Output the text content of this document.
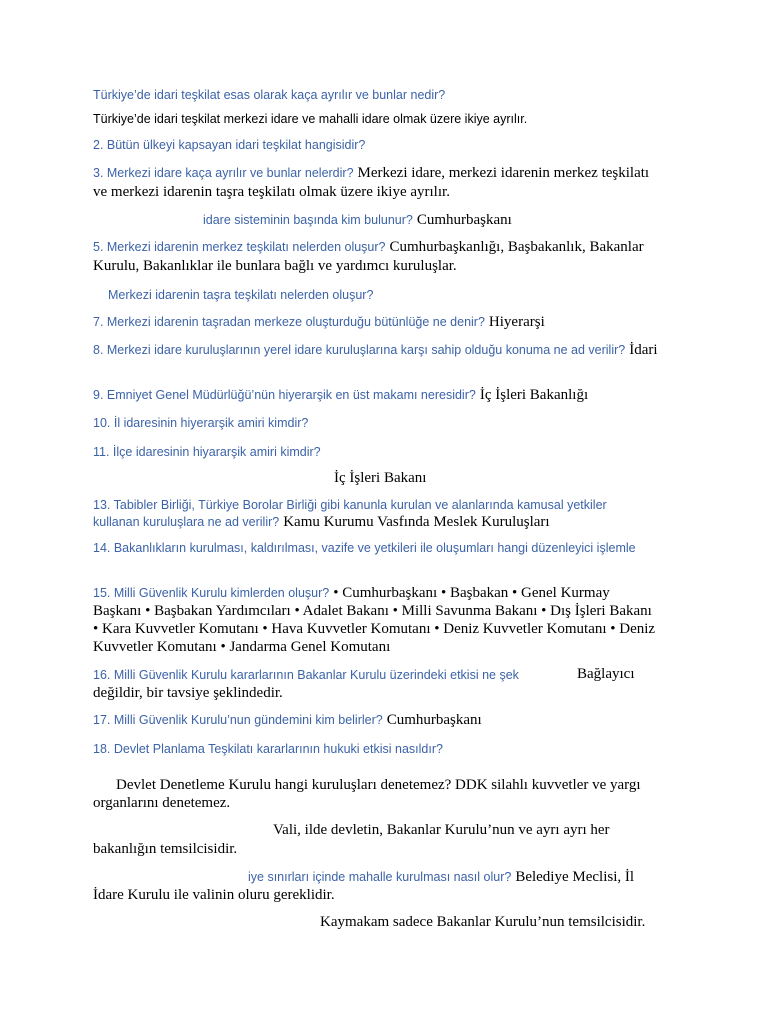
Türkiye’de idari teşkilat esas olarak kaça ayrılır ve bunlar nedir?
Türkiye’de idari teşkilat merkezi idare ve mahalli idare olmak üzere ikiye ayrılır.
2. Bütün ülkeyi kapsayan idari teşkilat hangisidir?
3. Merkezi idare kaça ayrılır ve bunlar nelerdir? Merkezi idare, merkezi idarenin merkez teşkilatı
ve merkezi idarenin taşra teşkilatı olmak üzere ikiye ayrılır.
idare sisteminin başında kim bulunur? Cumhurbaşkanı
5. Merkezi idarenin merkez teşkilatı nelerden oluşur? Cumhurbaşkanlığı, Başbakanlık, Bakanlar
Kurulu, Bakanlıklar ile bunlara bağlı ve yardımcı kuruluşlar.
Merkezi idarenin taşra teşkilatı nelerden oluşur?
7. Merkezi idarenin taşradan merkeze oluşturduğu bütünlüğe ne denir? Hiyerarşi
8. Merkezi idare kuruluşlarının yerel idare kuruluşlarına karşı sahip olduğu konuma ne ad verilir? İdari
9. Emniyet Genel Müdürlüğü’nün hiyerarşik en üst makamı neresidir? İç İşleri Bakanlığı
10. İl idaresinin hiyerarşik amiri kimdir?
11. İlçe idaresinin hiyararşik amiri kimdir?
İç İşleri Bakanı
13. Tabibler Birliği, Türkiye Borolar Birliği gibi kanunla kurulan ve alanlarında kamusal yetkiler
kullanan kuruluşlara ne ad verilir? Kamu Kurumu Vasfında Meslek Kuruluşları
14. Bakanlıkların kurulması, kaldırılması, vazife ve yetkileri ile oluşumları hangi düzenleyici işlemle
15. Milli Güvenlik Kurulu kimlerden oluşur? • Cumhurbaşkanı • Başbakan • Genel Kurmay
Başkanı • Başbakan Yardımcıları • Adalet Bakanı • Milli Savunma Bakanı • Dış İşleri Bakanı
• Kara Kuvvetler Komutanı • Hava Kuvvetler Komutanı • Deniz Kuvvetler Komutanı • Deniz
Kuvvetler Komutanı • Jandarma Genel Komutanı
16. Milli Güvenlik Kurulu kararlarının Bakanlar Kurulu üzerindeki etkisi ne şek	Bağlayıcı
değildir, bir tavsiye şeklindedir.
17. Milli Güvenlik Kurulu’nun gündemini kim belirler? Cumhurbaşkanı
18. Devlet Planlama Teşkilatı kararlarının hukuki etkisi nasıldır?
Devlet Denetleme Kurulu hangi kuruluşları denetemez? DDK silahlı kuvvetler ve yargı
organlarını denetemez.
Vali, ilde devletin, Bakanlar Kurulu’nun ve ayrı ayrı her
bakanlığın temsilcisidir.
iye sınırları içinde mahalle kurulması nasıl olur? Belediye Meclisi, İl
İdare Kurulu ile valinin oluru gereklidir.
Kaymakam sadece Bakanlar Kurulu’nun temsilcisidir.
